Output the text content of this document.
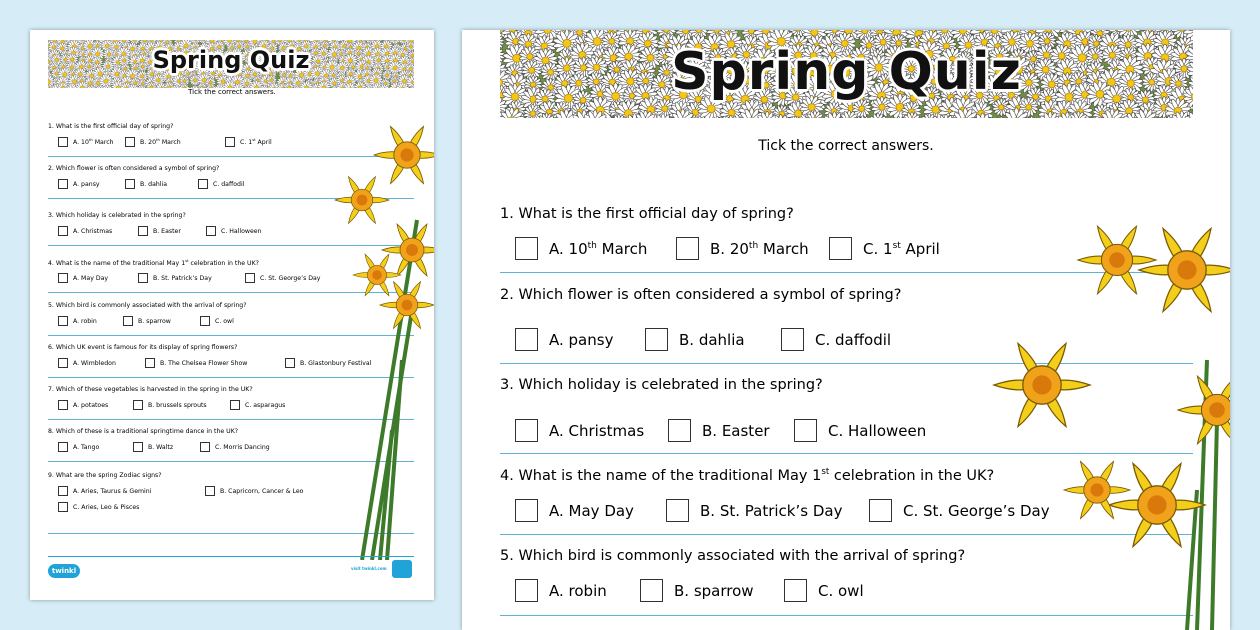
Spring Quiz
Tick the correct answers.
A. 10th March	B. 20th March	C. 1st April
1. What is the first official day of spring?
A. pansy	B. dahlia	C. daffodil
2. Which flower is often considered a symbol of spring?
A. Christmas	B. Easter	C. Halloween
3. Which holiday is celebrated in the spring?
A. May Day	B. St. Patrick’s Day	C. St. George’s Day
4. What is the name of the traditional May 1st celebration in the UK?
A. robin	B. sparrow	C. owl
5. Which bird is commonly associated with the arrival of spring?
A. Wimbledon	B. The Chelsea Flower Show	B. Glastonbury Festival
6. Which UK event is famous for its display of spring flowers?
A. potatoes	B. brussels sprouts	C. asparagus
7. Which of these vegetables is harvested in the spring in the UK?
A. Tango	B. Waltz	C. Morris Dancing
8. Which of these is a traditional springtime dance in the UK?
A. Aries, Taurus & Gemini	B. Capricorn, Cancer & Leo
C. Aries, Leo & Pisces
9. What are the spring Zodiac signs?
twinkl	visit twinkl.com
Spring Quiz
Tick the correct answers.
1. What is the first official day of spring?
A. 10th March	B. 20th March	C. 1st April
2. Which flower is often considered a symbol of spring?
A. pansy	B. dahlia	C. daffodil
3. Which holiday is celebrated in the spring?
A. Christmas	B. Easter	C. Halloween
4. What is the name of the traditional May 1st celebration in the UK?
A. May Day	B. St. Patrick’s Day	C. St. George’s Day
5. Which bird is commonly associated with the arrival of spring?
A. robin	B. sparrow	C. owl
